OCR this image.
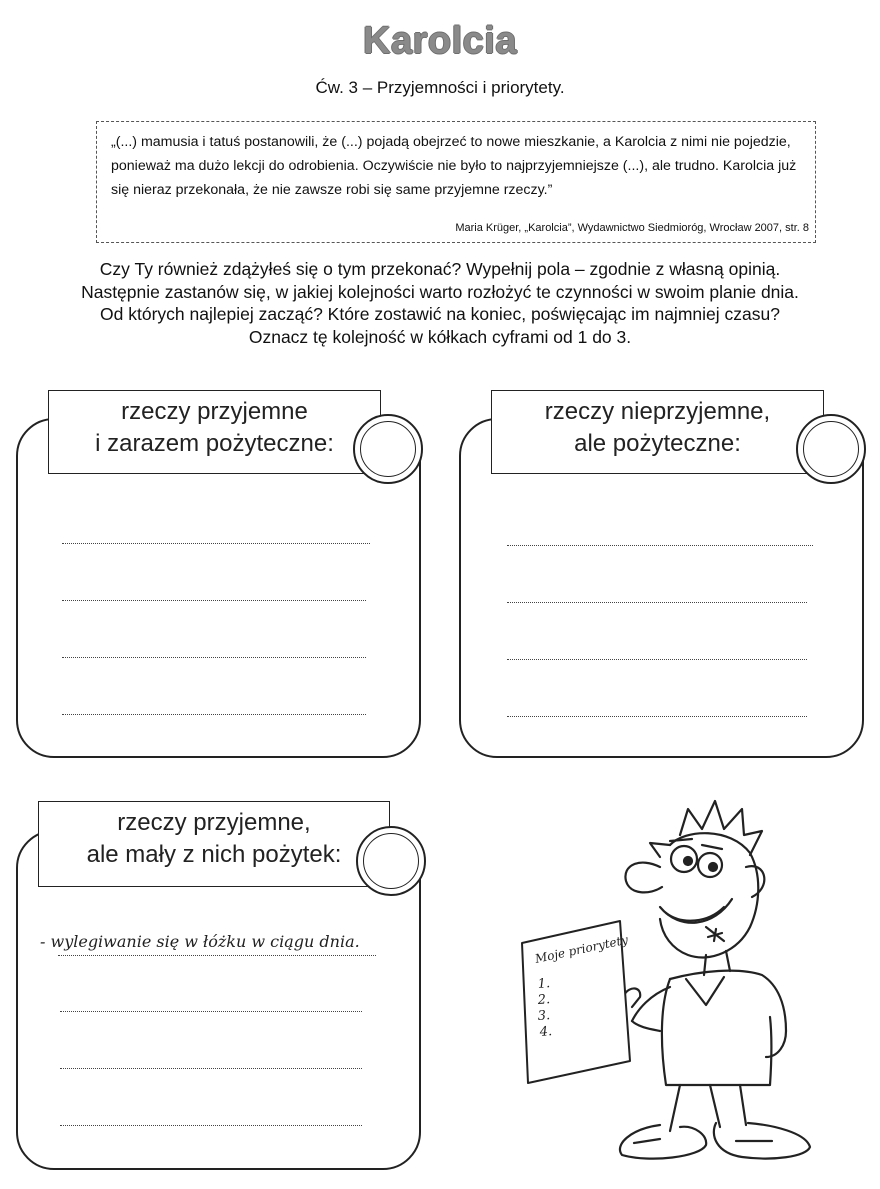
Karolcia
Ćw. 3 – Przyjemności i priorytety.

„(...) mamusia i tatuś postanowili, że (...) pojadą obejrzeć to nowe mieszkanie, a Karolcia z nimi nie pojedzie, ponieważ ma dużo lekcji do odrobienia. Oczywiście nie było to najprzyjemniejsze (...), ale trudno. Karolcia już się nieraz przekonała, że nie zawsze robi się same przyjemne rzeczy.”

Maria Krüger, „Karolcia”, Wydawnictwo Siedmioróg, Wrocław 2007, str. 8
Czy Ty również zdążyłeś się o tym przekonać? Wypełnij pola – zgodnie z własną opinią.
Następnie zastanów się, w jakiej kolejności warto rozłożyć te czynności w swoim planie dnia.
Od których najlepiej zacząć? Które zostawić na koniec, poświęcając im najmniej czasu?
Oznacz tę kolejność w kółkach cyframi od 1 do 3.
rzeczy przyjemne
i zarazem pożyteczne:
rzeczy nieprzyjemne,
ale pożyteczne:
rzeczy przyjemne,
ale mały z nich pożytek:
- wylegiwanie się w łóżku w ciągu dnia.	Moje priorytety
1.
2.
3.
4.
